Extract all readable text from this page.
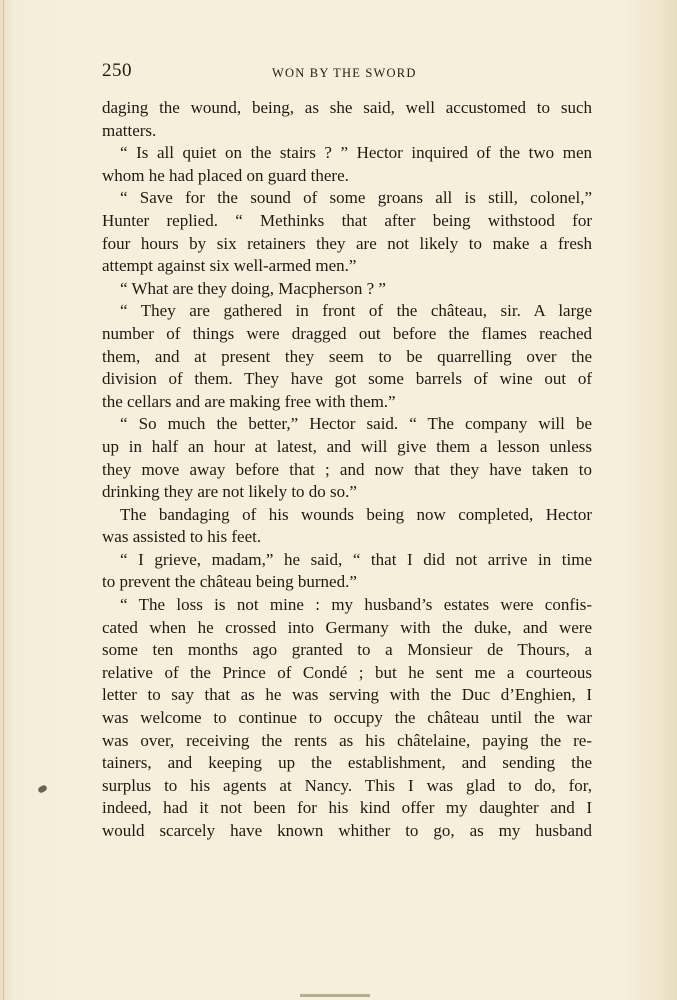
250	WON BY THE SWORD
daging the wound, being, as she said, well accustomed to such
matters.
“ Is all quiet on the stairs ? ” Hector inquired of the two men
whom he had placed on guard there.
“ Save for the sound of some groans all is still, colonel,”
Hunter replied. “ Methinks that after being withstood for
four hours by six retainers they are not likely to make a fresh
attempt against six well-armed men.”
“ What are they doing, Macpherson ? ”
“ They are gathered in front of the château, sir. A large
number of things were dragged out before the flames reached
them, and at present they seem to be quarrelling over the
division of them. They have got some barrels of wine out of
the cellars and are making free with them.”
“ So much the better,” Hector said. “ The company will be
up in half an hour at latest, and will give them a lesson unless
they move away before that ; and now that they have taken to
drinking they are not likely to do so.”
The bandaging of his wounds being now completed, Hector
was assisted to his feet.
“ I grieve, madam,” he said, “ that I did not arrive in time
to prevent the château being burned.”
“ The loss is not mine : my husband’s estates were confis-
cated when he crossed into Germany with the duke, and were
some ten months ago granted to a Monsieur de Thours, a
relative of the Prince of Condé ; but he sent me a courteous
letter to say that as he was serving with the Duc d’Enghien, I
was welcome to continue to occupy the château until the war
was over, receiving the rents as his châtelaine, paying the re-
tainers, and keeping up the establishment, and sending the
surplus to his agents at Nancy. This I was glad to do, for,
indeed, had it not been for his kind offer my daughter and I
would scarcely have known whither to go, as my husband
